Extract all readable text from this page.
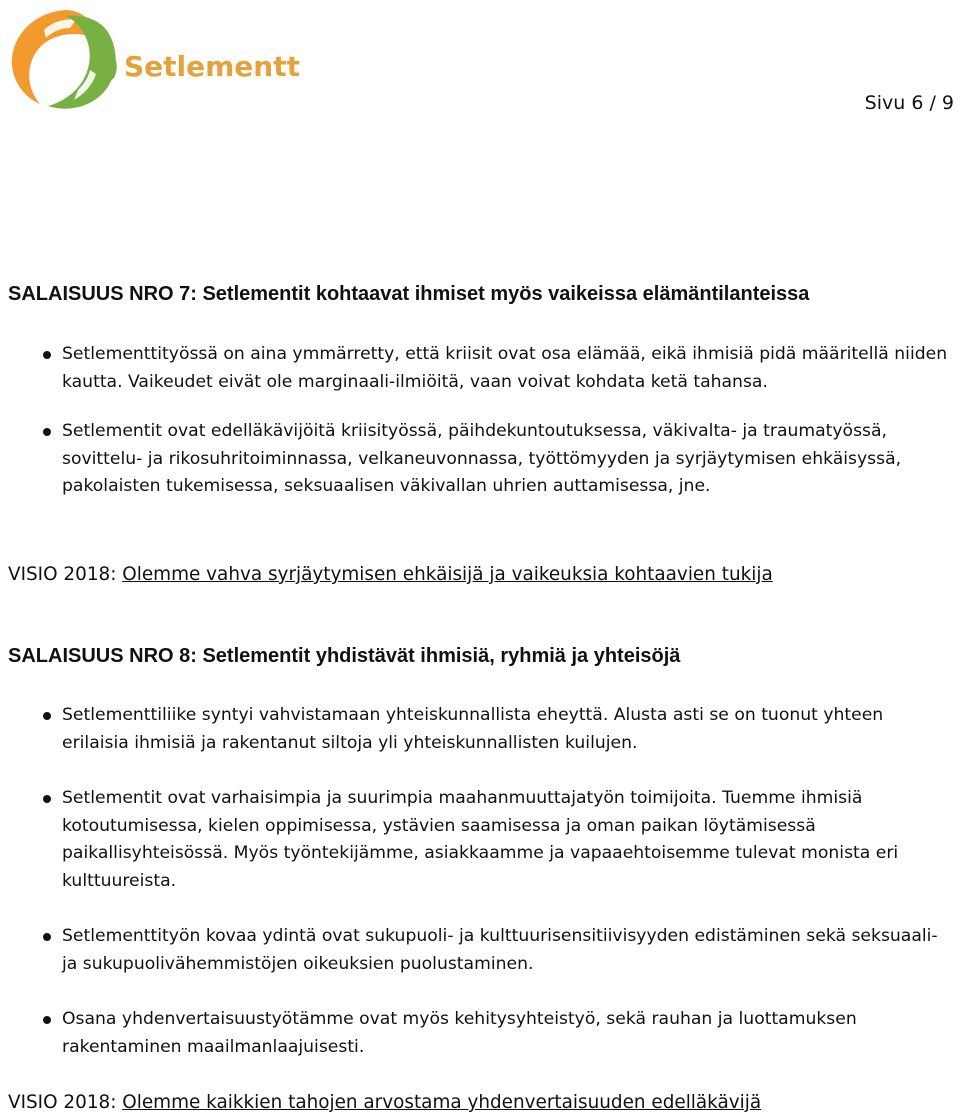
Setlementti
Sivu 6 / 9
SALAISUUS NRO 7: Setlementit kohtaavat ihmiset myös vaikeissa elämäntilanteissa
Setlementtityössä on aina ymmärretty, että kriisit ovat osa elämää, eikä ihmisiä pidä määritellä niiden kautta. Vaikeudet eivät ole marginaali-ilmiöitä, vaan voivat kohdata ketä tahansa.
Setlementit ovat edelläkävijöitä kriisityössä, päihdekuntoutuksessa, väkivalta- ja traumatyössä, sovittelu- ja rikosuhritoiminnassa, velkaneuvonnassa, työttömyyden ja syrjäytymisen ehkäisyssä, pakolaisten tukemisessa, seksuaalisen väkivallan uhrien auttamisessa, jne.
VISIO 2018: Olemme vahva syrjäytymisen ehkäisijä ja vaikeuksia kohtaavien tukija
SALAISUUS NRO 8: Setlementit yhdistävät ihmisiä, ryhmiä ja yhteisöjä
Setlementtiliike syntyi vahvistamaan yhteiskunnallista eheyttä. Alusta asti se on tuonut yhteen erilaisia ihmisiä ja rakentanut siltoja yli yhteiskunnallisten kuilujen.
Setlementit ovat varhaisimpia ja suurimpia maahanmuuttajatyön toimijoita. Tuemme ihmisiä kotoutumisessa, kielen oppimisessa, ystävien saamisessa ja oman paikan löytämisessä paikallisyhteisössä. Myös työntekijämme, asiakkaamme ja vapaaehtoisemme tulevat monista eri kulttuureista.
Setlementtityön kovaa ydintä ovat sukupuoli- ja kulttuurisensitiivisyyden edistäminen sekä seksuaali- ja sukupuolivähemmistöjen oikeuksien puolustaminen.
Osana yhdenvertaisuustyötämme ovat myös kehitysyhteistyö, sekä rauhan ja luottamuksen rakentaminen maailmanlaajuisesti.
VISIO 2018: Olemme kaikkien tahojen arvostama yhdenvertaisuuden edelläkävijä
